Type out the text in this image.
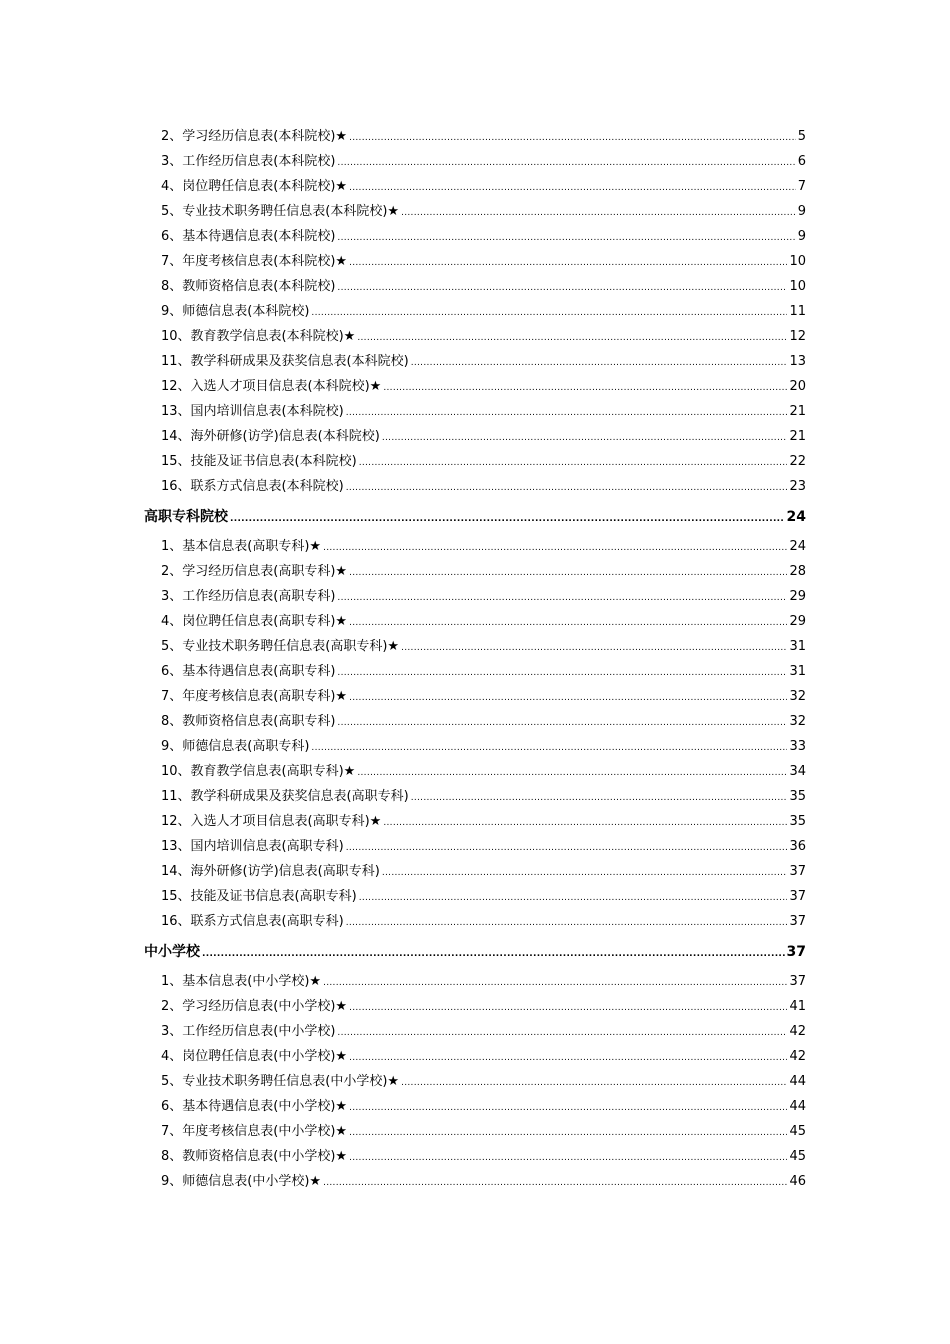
2、学习经历信息表(本科院校)★ .....	5
3、工作经历信息表(本科院校) .....	6
4、岗位聘任信息表(本科院校)★ .....	7
5、专业技术职务聘任信息表(本科院校)★ .....	9
6、基本待遇信息表(本科院校) .....	9
7、年度考核信息表(本科院校)★ .....	10
8、教师资格信息表(本科院校) .....	10
9、师德信息表(本科院校) .....	11
10、教育教学信息表(本科院校)★ .....	12
11、教学科研成果及获奖信息表(本科院校) .....	13
12、入选人才项目信息表(本科院校)★ .....	20
13、国内培训信息表(本科院校) .....	21
14、海外研修(访学)信息表(本科院校) .....	21
15、技能及证书信息表(本科院校) .....	22
16、联系方式信息表(本科院校) .....	23
高职专科院校 .....	24
1、基本信息表(高职专科)★ .....	24
2、学习经历信息表(高职专科)★ .....	28
3、工作经历信息表(高职专科) .....	29
4、岗位聘任信息表(高职专科)★ .....	29
5、专业技术职务聘任信息表(高职专科)★ .....	31
6、基本待遇信息表(高职专科) .....	31
7、年度考核信息表(高职专科)★ .....	32
8、教师资格信息表(高职专科) .....	32
9、师德信息表(高职专科) .....	33
10、教育教学信息表(高职专科)★ .....	34
11、教学科研成果及获奖信息表(高职专科) .....	35
12、入选人才项目信息表(高职专科)★ .....	35
13、国内培训信息表(高职专科) .....	36
14、海外研修(访学)信息表(高职专科) .....	37
15、技能及证书信息表(高职专科) .....	37
16、联系方式信息表(高职专科) .....	37
中小学校 .....	37
1、基本信息表(中小学校)★ .....	37
2、学习经历信息表(中小学校)★ .....	41
3、工作经历信息表(中小学校) .....	42
4、岗位聘任信息表(中小学校)★ .....	42
5、专业技术职务聘任信息表(中小学校)★ .....	44
6、基本待遇信息表(中小学校)★ .....	44
7、年度考核信息表(中小学校)★ .....	45
8、教师资格信息表(中小学校)★ .....	45
9、师德信息表(中小学校)★ .....	46
